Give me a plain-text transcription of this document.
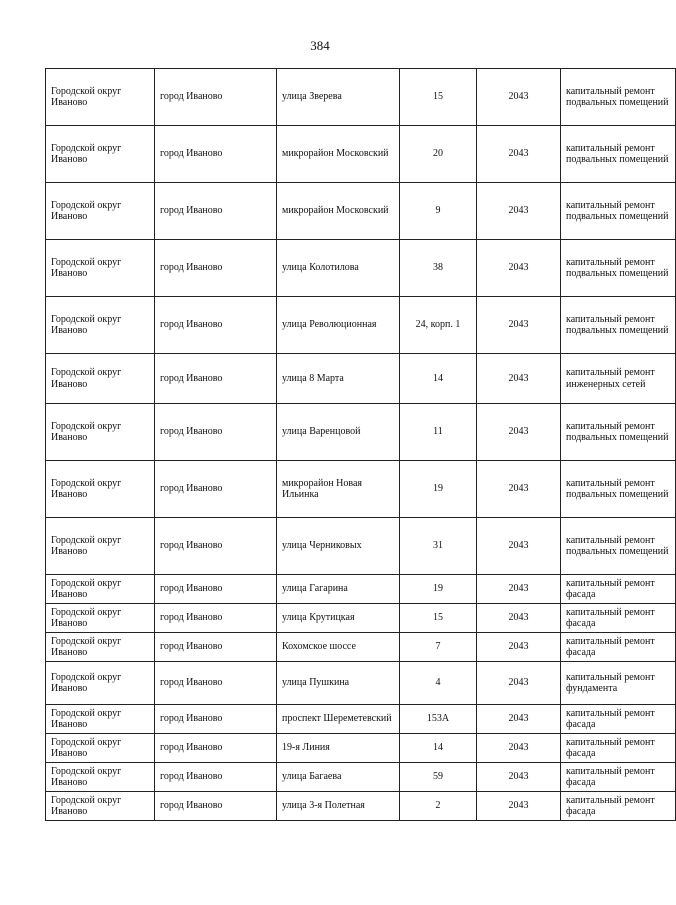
384
Городской округ Иваново	город Иваново	улица Зверева	15	2043	капитальный ремонт подвальных помещений
Городской округ Иваново	город Иваново	микрорайон Московский	20	2043	капитальный ремонт подвальных помещений
Городской округ Иваново	город Иваново	микрорайон Московский	9	2043	капитальный ремонт подвальных помещений
Городской округ Иваново	город Иваново	улица Колотилова	38	2043	капитальный ремонт подвальных помещений
Городской округ Иваново	город Иваново	улица Революционная	24, корп. 1	2043	капитальный ремонт подвальных помещений
Городской округ Иваново	город Иваново	улица 8 Марта	14	2043	капитальный ремонт инженерных сетей
Городской округ Иваново	город Иваново	улица Варенцовой	11	2043	капитальный ремонт подвальных помещений
Городской округ Иваново	город Иваново	микрорайон Новая Ильинка	19	2043	капитальный ремонт подвальных помещений
Городской округ Иваново	город Иваново	улица Черниковых	31	2043	капитальный ремонт подвальных помещений
Городской округ Иваново	город Иваново	улица Гагарина	19	2043	капитальный ремонт фасада
Городской округ Иваново	город Иваново	улица Крутицкая	15	2043	капитальный ремонт фасада
Городской округ Иваново	город Иваново	Кохомское шоссе	7	2043	капитальный ремонт фасада
Городской округ Иваново	город Иваново	улица Пушкина	4	2043	капитальный ремонт фундамента
Городской округ Иваново	город Иваново	проспект Шереметевский	153А	2043	капитальный ремонт фасада
Городской округ Иваново	город Иваново	19-я Линия	14	2043	капитальный ремонт фасада
Городской округ Иваново	город Иваново	улица Багаева	59	2043	капитальный ремонт фасада
Городской округ Иваново	город Иваново	улица 3-я Полетная	2	2043	капитальный ремонт фасада
